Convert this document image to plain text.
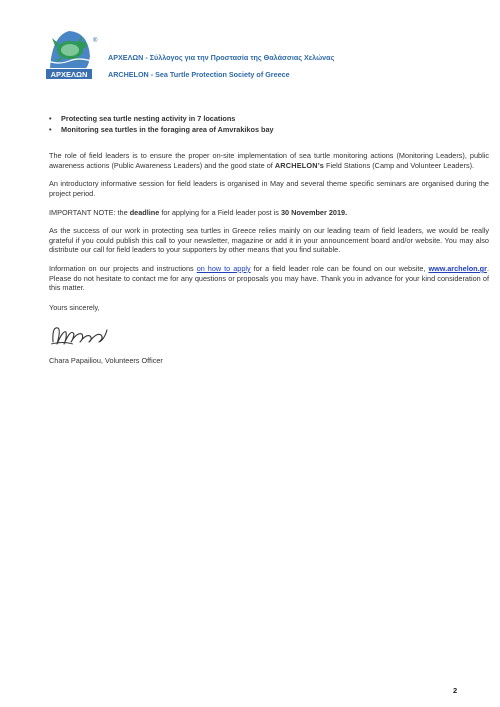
ΑΡΧΕΛΩΝ
®
ΑΡΧΕΛΩΝ - Σύλλογος για την Προστασία της Θαλάσσιας Χελώνας
ARCHELON - Sea Turtle Protection Society of Greece
• Protecting sea turtle nesting activity in 7 locations
• Monitoring sea turtles in the foraging area of Amvrakikos bay

The role of field leaders is to ensure the proper on-site implementation of sea turtle monitoring actions (Monitoring Leaders), public awareness actions (Public Awareness Leaders) and the good state of ARCHELON’s Field Stations (Camp and Volunteer Leaders).

An introductory informative session for field leaders is organised in May and several theme specific seminars are organised during the project period.

IMPORTANT NOTE: the deadline for applying for a Field leader post is 30 November 2019.

As the success of our work in protecting sea turtles in Greece relies mainly on our leading team of field leaders, we would be really grateful if you could publish this call to your newsletter, magazine or add it in your announcement board and/or website. You may also distribute our call for field leaders to your supporters by other means that you find suitable.

Information on our projects and instructions on how to apply for a field leader role can be found on our website, www.archelon.gr. Please do not hesitate to contact me for any questions or proposals you may have. Thank you in advance for your kind consideration of this matter.

Yours sincerely,

Chara Papailiou, Volunteers Officer

2
